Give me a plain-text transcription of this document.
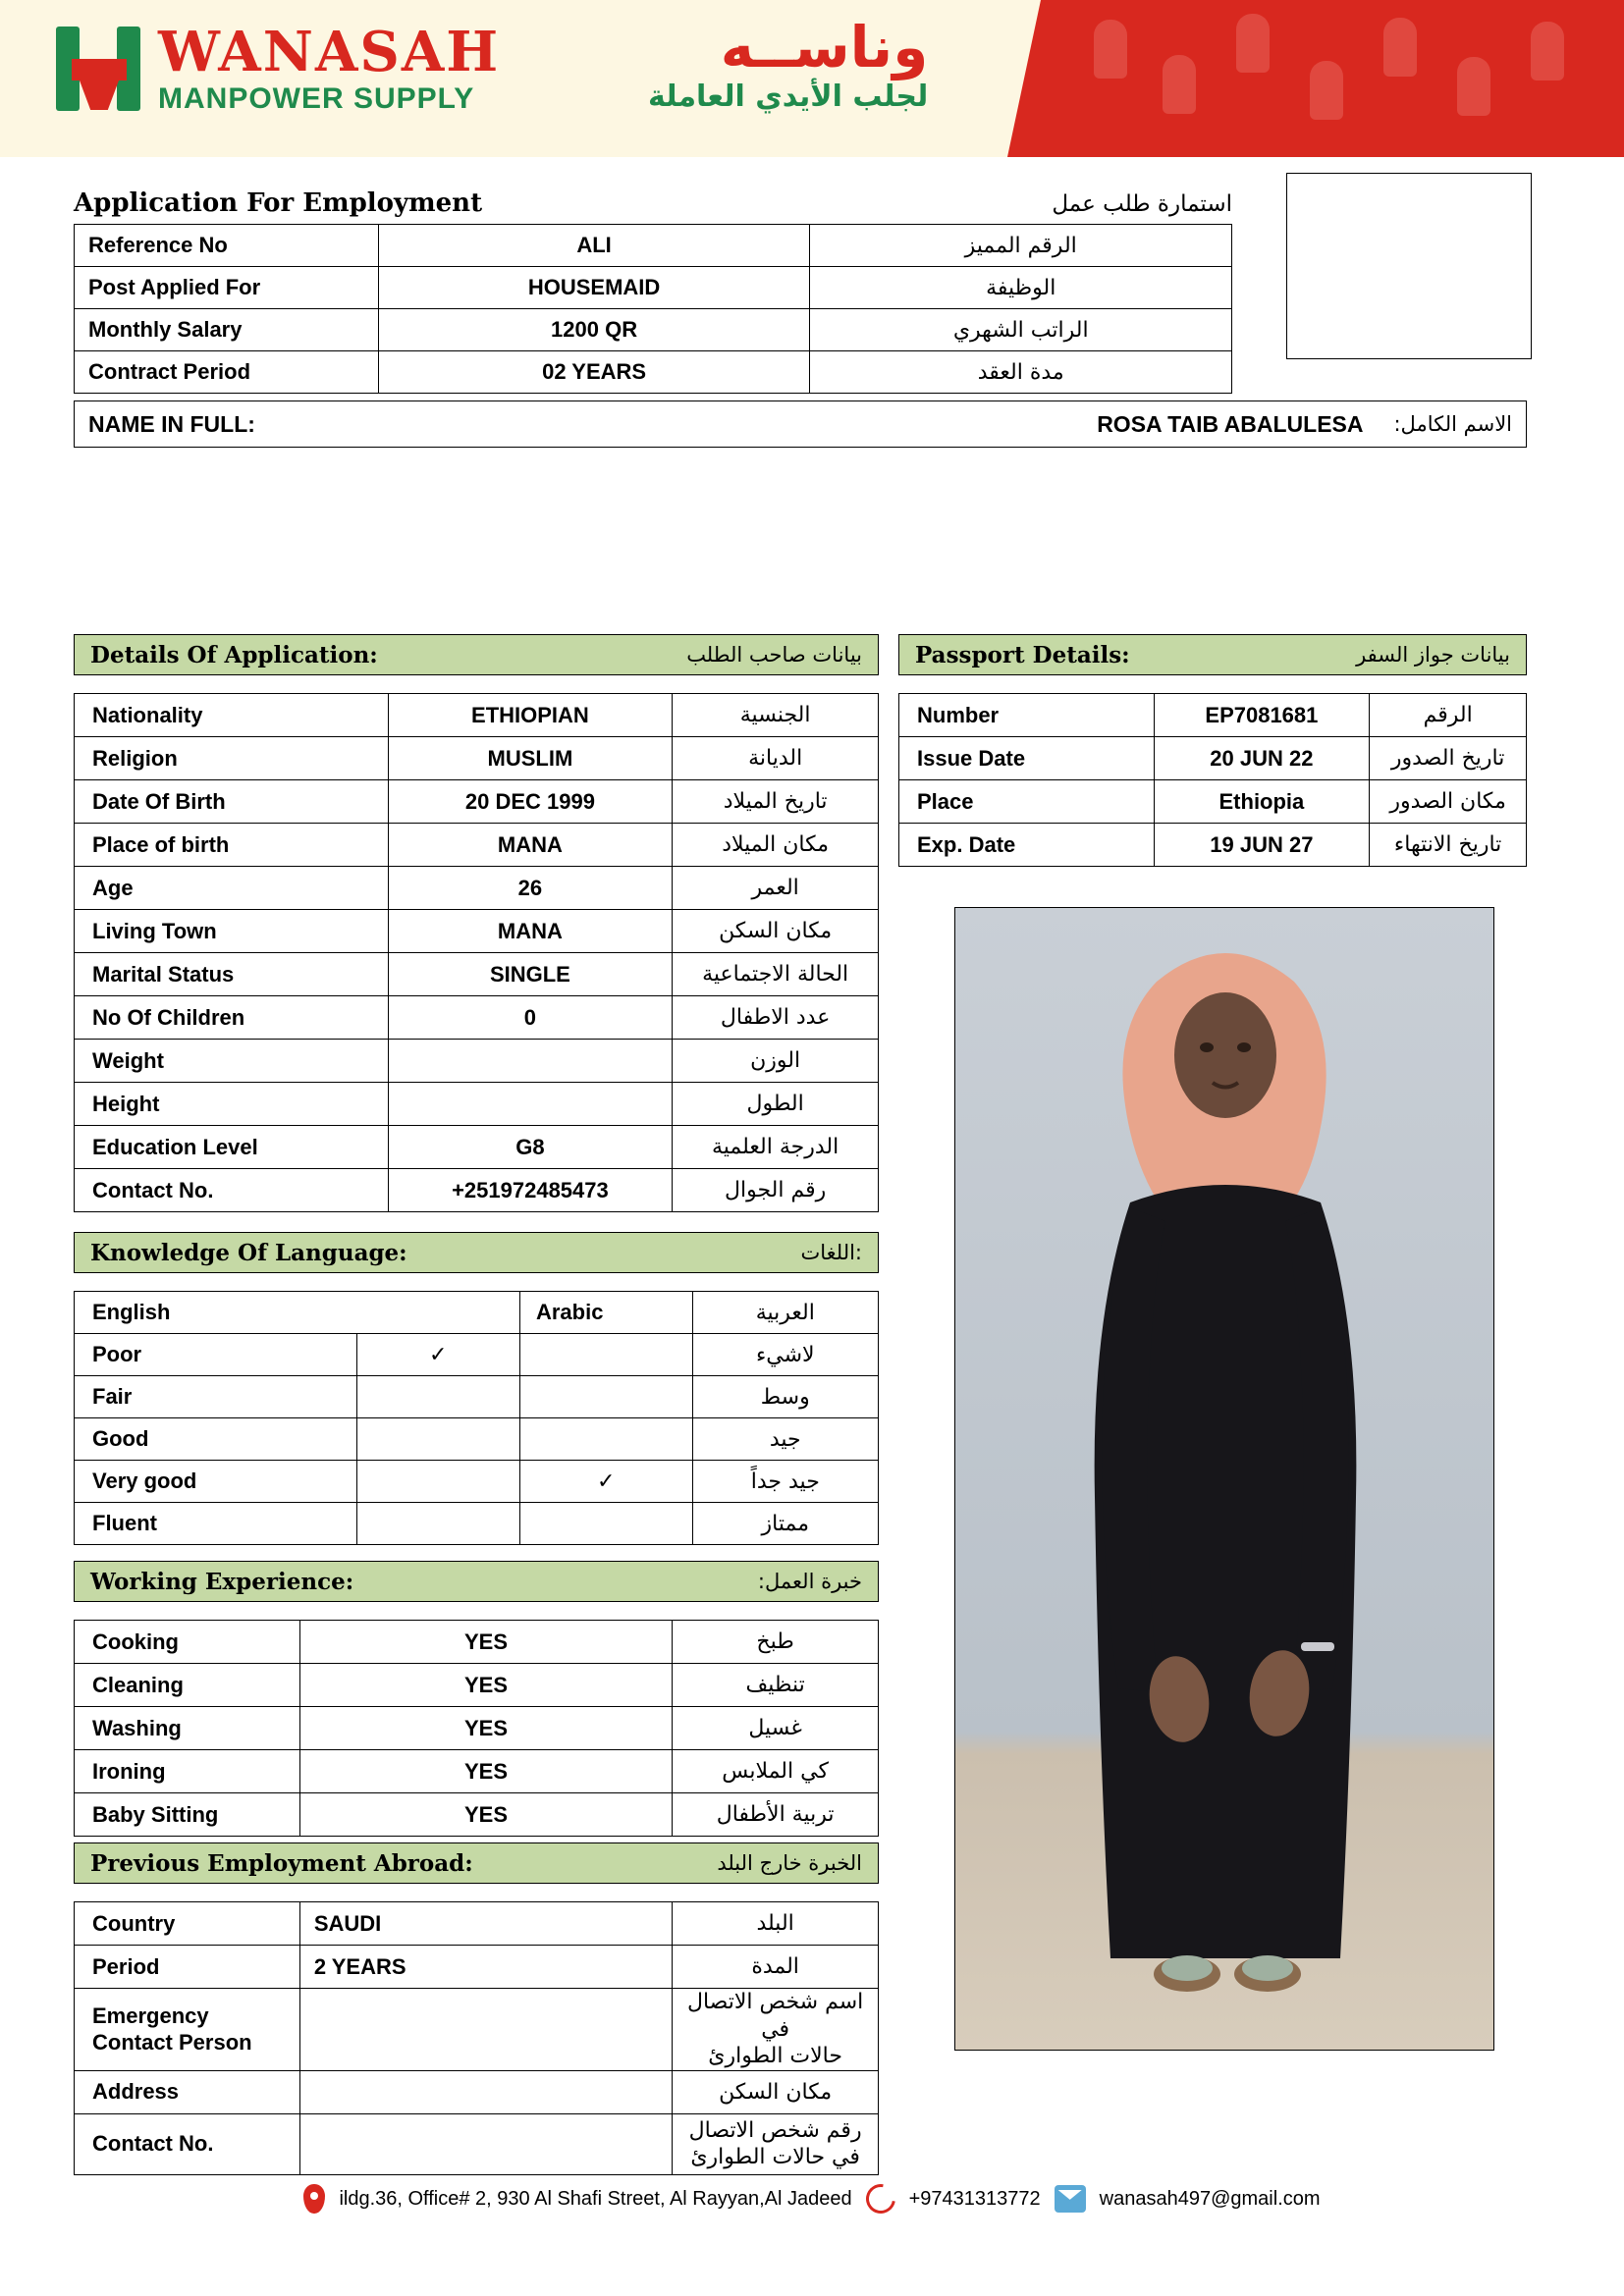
WANASAH
MANPOWER SUPPLY
وناســه
لجلب الأيدي العاملة
Application For Employment	استمارة طلب عمل
Reference No	ALI	الرقم المميز
Post Applied For	HOUSEMAID	الوظيفة
Monthly Salary	1200 QR	الراتب الشهري
Contract Period	02 YEARS	مدة العقد
NAME IN FULL:	ROSA TAIB ABALULESA	الاسم الكامل:
Details Of Application:	بيانات صاحب الطلب Passport Details:	بيانات جواز السفر
Nationality	ETHIOPIAN	الجنسية
Religion	MUSLIM	الديانة
Date Of Birth	20 DEC 1999	تاريخ الميلاد
Place of birth	MANA	مكان الميلاد
Age	26	العمر
Living Town	MANA	مكان السكن
Marital Status	SINGLE	الحالة الاجتماعية
No Of Children	0	عدد الاطفال
Weight		الوزن
Height		الطول
Education Level	G8	الدرجة العلمية
Contact No.	+251972485473	رقم الجوال
Number	EP7081681	الرقم
Issue Date	20 JUN 22	تاريخ الصدور
Place	Ethiopia	مكان الصدور
Exp. Date	19 JUN 27	تاريخ الانتهاء
Knowledge Of Language:	:اللغات
English		Arabic	العربية
Poor	✓		لاشيء
Fair			وسط
Good			جيد
Very good		✓	جيد جداً
Fluent			ممتاز
Working Experience:	خبرة العمل:
Cooking	YES	طبخ
Cleaning	YES	تنظيف
Washing	YES	غسيل
Ironing	YES	كي الملابس
Baby Sitting	YES	تربية الأطفال
Previous Employment Abroad:	الخبرة خارج البلد
Country	SAUDI	البلد
Period	2 YEARS	المدة

Emergency
Contact Person		اسم شخص الاتصال في
حالات الطوارئ

Address		مكان السكن
Contact No.		رقم شخص الاتصال
في حالات الطوارئ
ildg.36, Office# 2, 930 Al Shafi Street, Al Rayyan,Al Jadeed	+97431313772	wanasah497@gmail.com
